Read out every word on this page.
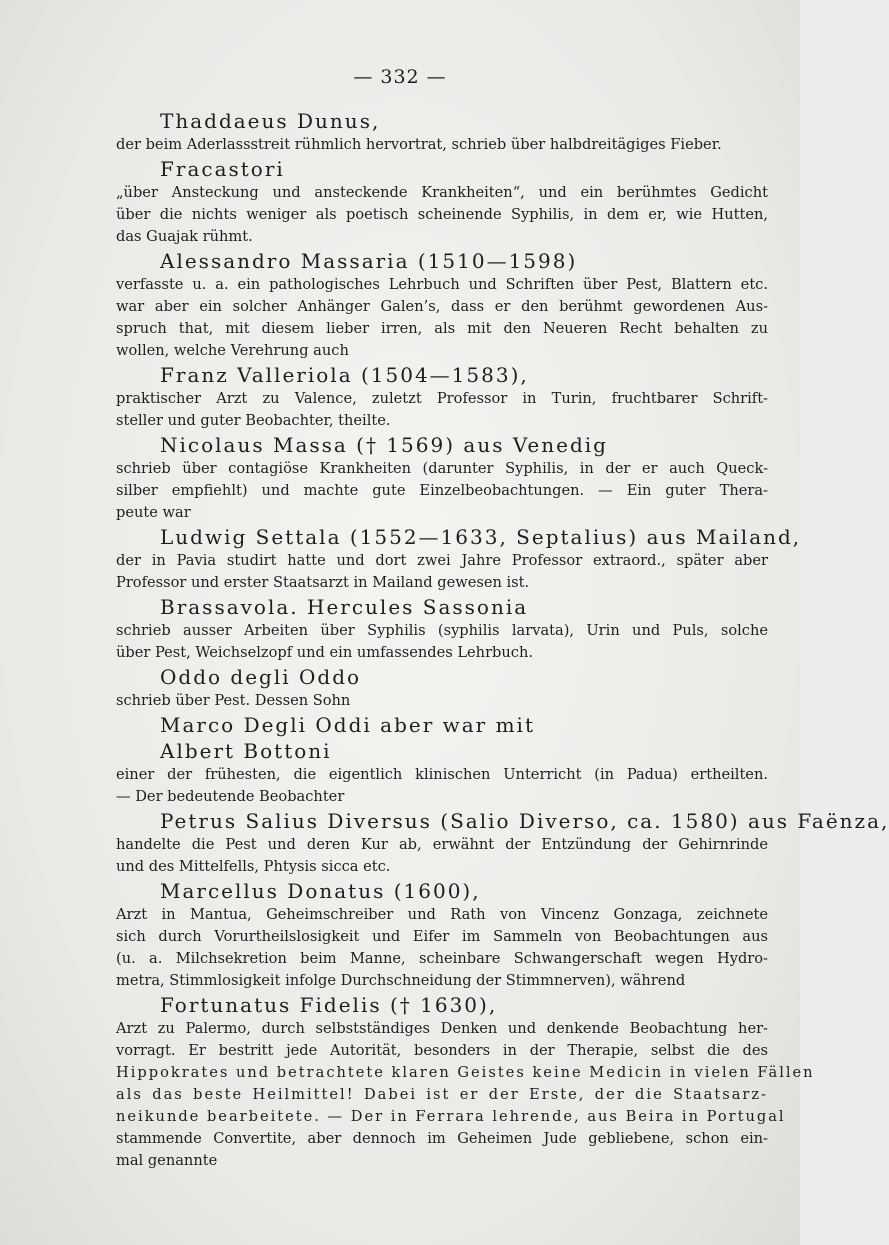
— 332 —
Thaddaeus Dunus,
der beim Aderlassstreit rühmlich hervortrat, schrieb über halbdreitägiges Fieber.
Fracastori
„über Ansteckung und ansteckende Krankheiten“, und ein berühmtes Gedicht
über die nichts weniger als poetisch scheinende Syphilis, in dem er, wie Hutten,
das Guajak rühmt.
Alessandro Massaria (1510—1598)
verfasste u. a. ein pathologisches Lehrbuch und Schriften über Pest, Blattern etc.
war aber ein solcher Anhänger Galen’s, dass er den berühmt gewordenen Aus-
spruch that, mit diesem lieber irren, als mit den Neueren Recht behalten zu
wollen, welche Verehrung auch
Franz Valleriola (1504—1583),
praktischer Arzt zu Valence, zuletzt Professor in Turin, fruchtbarer Schrift-
steller und guter Beobachter, theilte.
Nicolaus Massa († 1569) aus Venedig
schrieb über contagiöse Krankheiten (darunter Syphilis, in der er auch Queck-
silber empfiehlt) und machte gute Einzelbeobachtungen. — Ein guter Thera-
peute war
Ludwig Settala (1552—1633, Septalius) aus Mailand,
der in Pavia studirt hatte und dort zwei Jahre Professor extraord., später aber
Professor und erster Staatsarzt in Mailand gewesen ist.
Brassavola. Hercules Sassonia
schrieb ausser Arbeiten über Syphilis (syphilis larvata), Urin und Puls, solche
über Pest, Weichselzopf und ein umfassendes Lehrbuch.
Oddo degli Oddo
schrieb über Pest. Dessen Sohn
Marco Degli Oddi aber war mit
Albert Bottoni
einer der frühesten, die eigentlich klinischen Unterricht (in Padua) ertheilten.
— Der bedeutende Beobachter
Petrus Salius Diversus (Salio Diverso, ca. 1580) aus Faënza,
handelte die Pest und deren Kur ab, erwähnt der Entzündung der Gehirnrinde
und des Mittelfells, Phtysis sicca etc.
Marcellus Donatus (1600),
Arzt in Mantua, Geheimschreiber und Rath von Vincenz Gonzaga, zeichnete
sich durch Vorurtheilslosigkeit und Eifer im Sammeln von Beobachtungen aus
(u. a. Milchsekretion beim Manne, scheinbare Schwangerschaft wegen Hydro-
metra, Stimmlosigkeit infolge Durchschneidung der Stimmnerven), während
Fortunatus Fidelis († 1630),
Arzt zu Palermo, durch selbstständiges Denken und denkende Beobachtung her-
vorragt. Er bestritt jede Autorität, besonders in der Therapie, selbst die des
Hippokrates und betrachtete klaren Geistes keine Medicin in vielen Fällen
als das beste Heilmittel! Dabei ist er der Erste, der die Staatsarz-
neikunde bearbeitete. — Der in Ferrara lehrende, aus Beira in Portugal
stammende Convertite, aber dennoch im Geheimen Jude gebliebene, schon ein-
mal genannte
